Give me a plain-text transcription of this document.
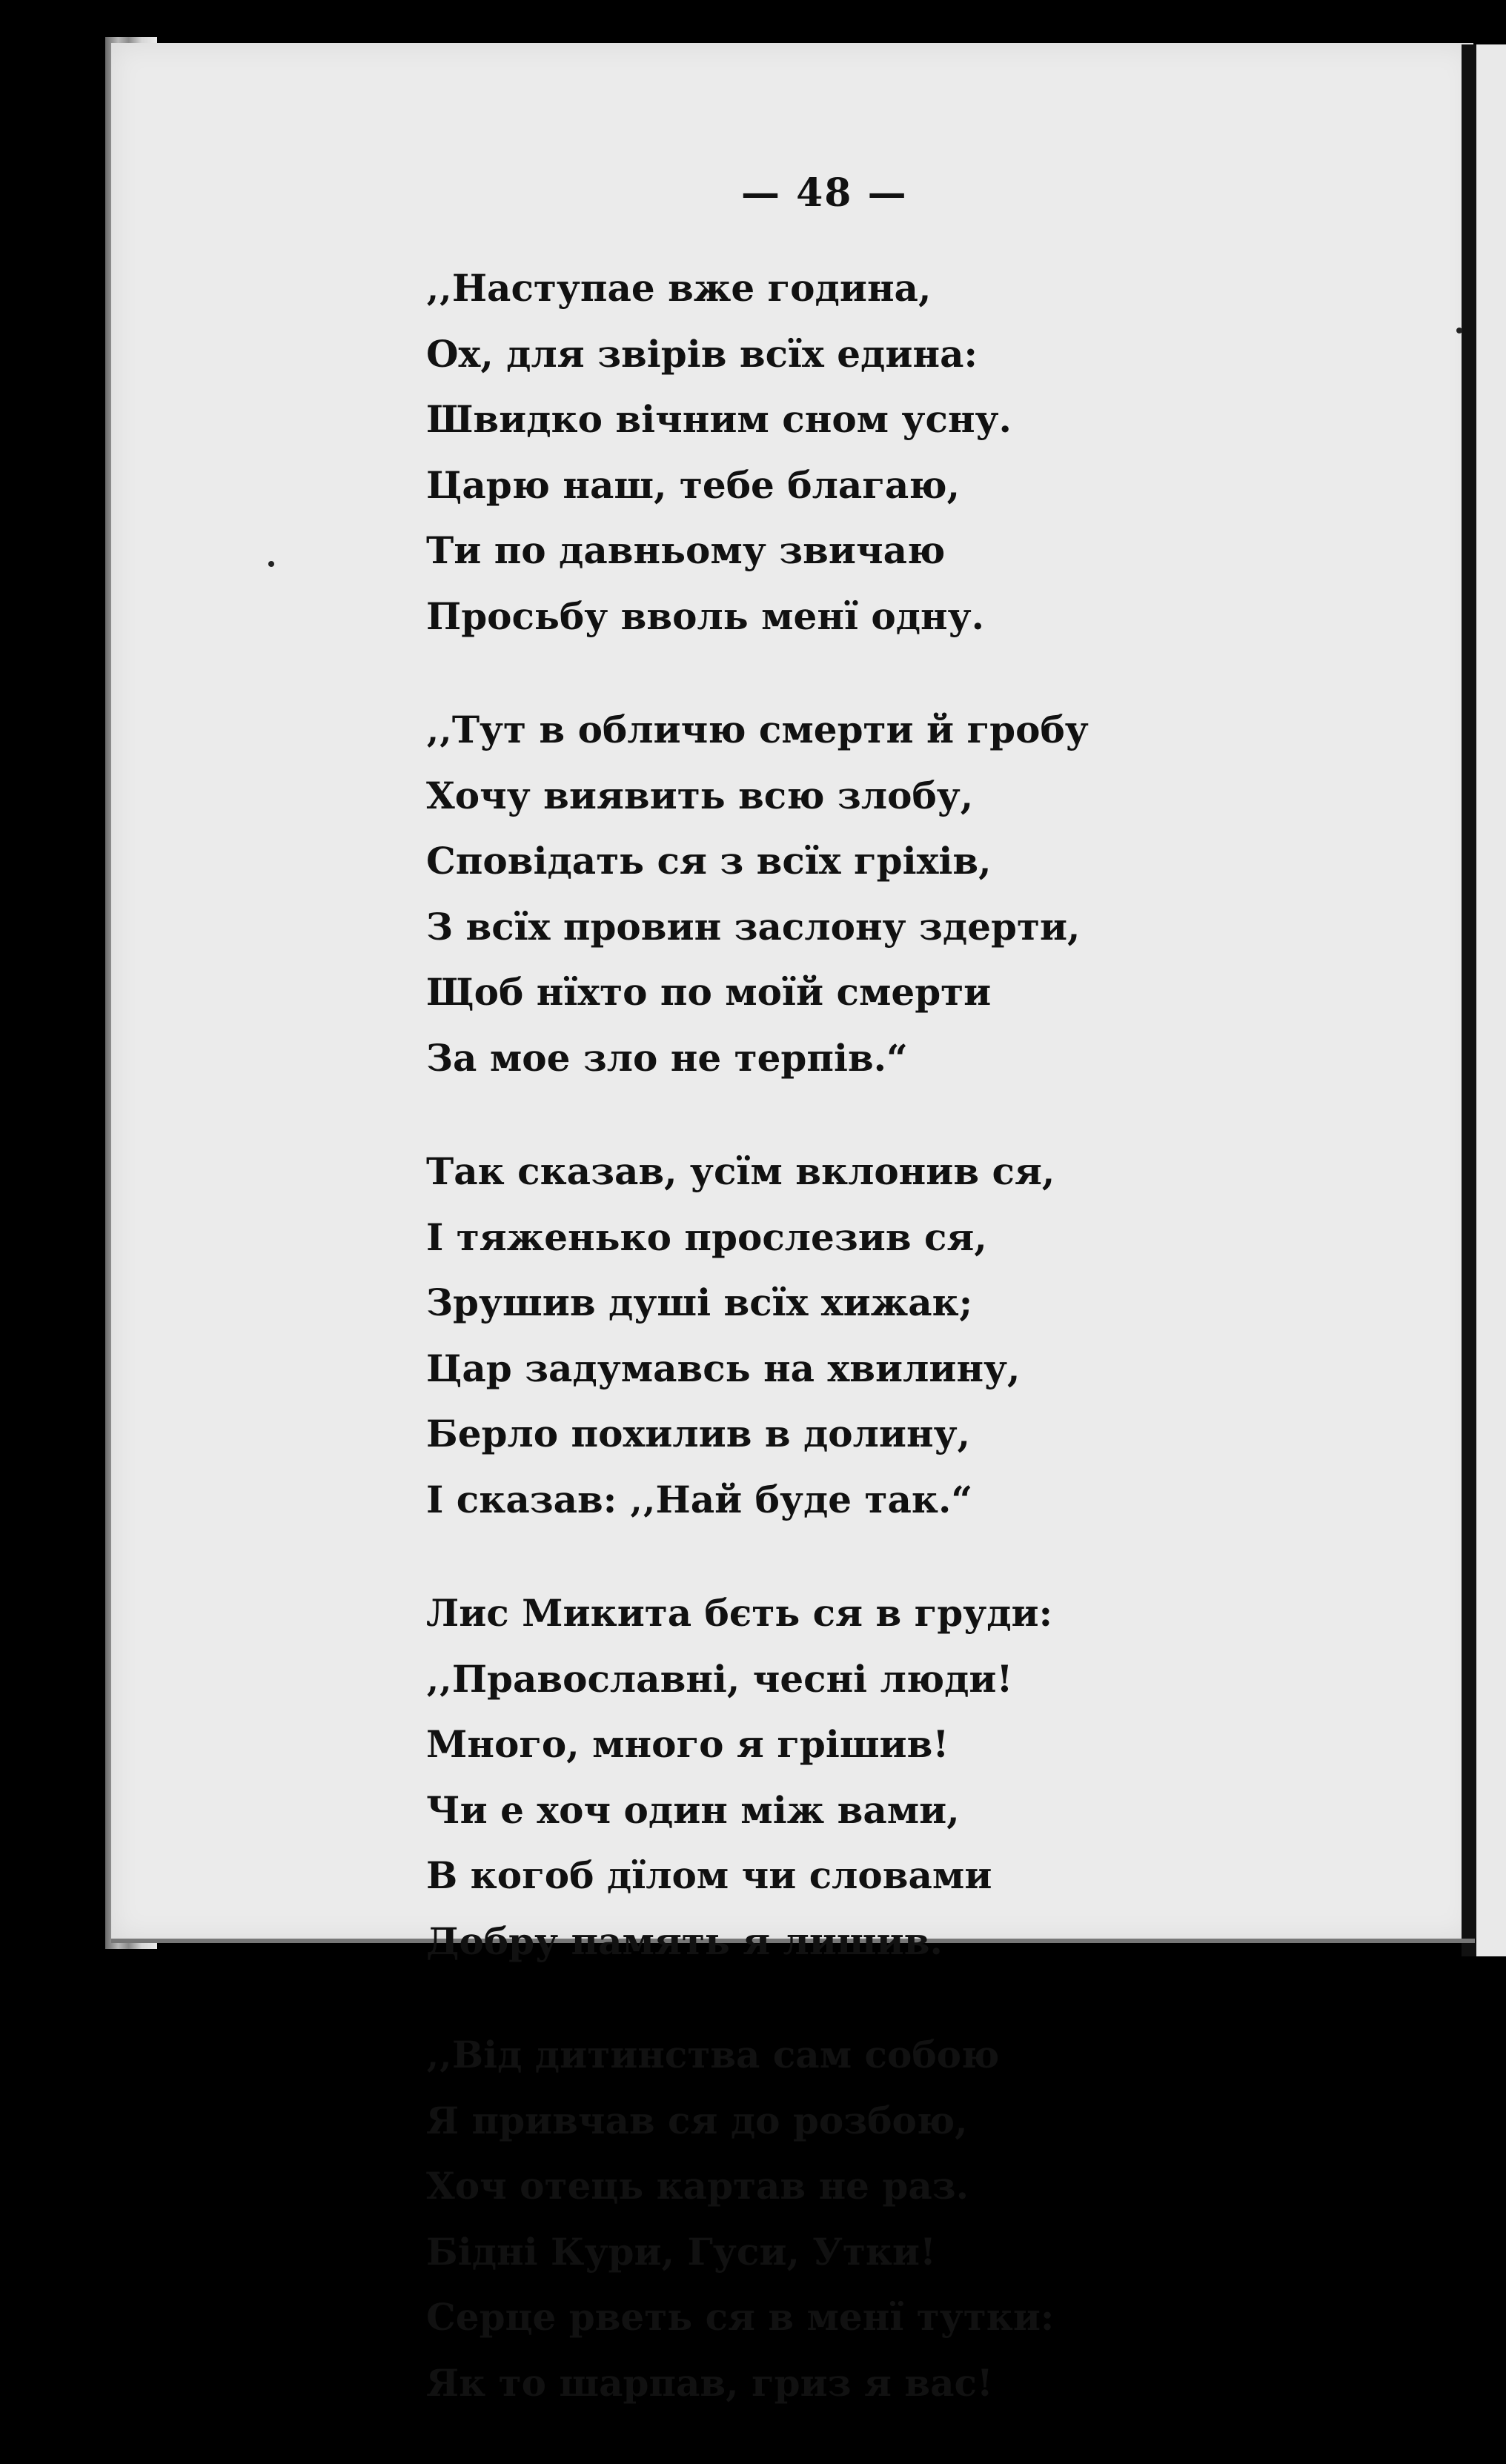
— 48 —
‚‚Наступае вже година,
Ох, для звірів всїх едина:
Швидко вічним сном усну.
Царю наш, тебе благаю,
Ти по давньому звичаю
Просьбу вволь менї одну.
‚‚Тут в обличю смерти й гробу
Хочу виявить всю злобу,
Сповідать ся з всїх гріхів,
З всїх провин заслону здерти,
Щоб нїхто по моїй смерти
За мое зло не терпів.“
Так сказав, усїм вклонив ся,
І тяженько прослезив ся,
Зрушив душі всїх хижак;
Цар задумавсь на хвилину,
Берло похилив в долину,
І сказав: ‚‚Най буде так.“
Лис Микита бєть ся в груди:
‚‚Православні, чесні люди!
Много, много я грішив!
Чи е хоч один між вами,
В когоб дїлом чи словами
Добру память я лишив.
‚‚Від дитинства сам собою
Я привчав ся до розбою,
Хоч отець картав не раз.
Бідні Кури, Гуси, Утки!
Серце рветь ся в менї тутки:
Як то шарпав, гриз я вас!
